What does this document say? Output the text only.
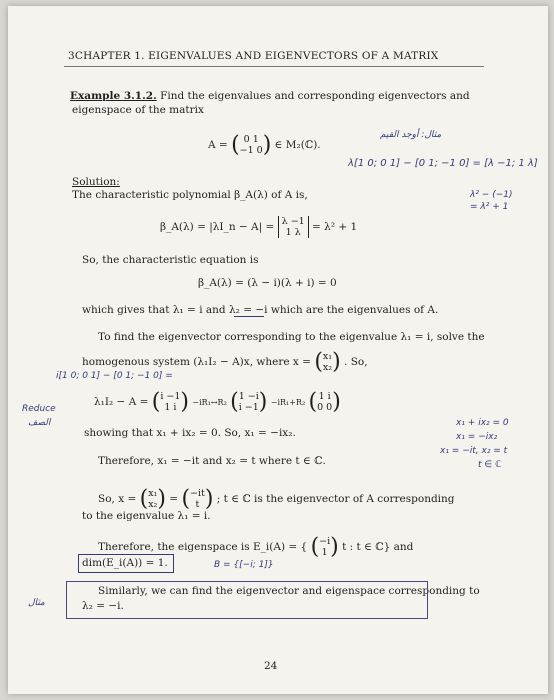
3CHAPTER 1. EIGENVALUES AND EIGENVECTORS OF A MATRIX
Example 3.1.2. Find the eigenvalues and corresponding eigenvectors and
eigenspace of the matrix
A = ( 0 1
−1 0) ∈ M₂(ℂ).
Solution:
The characteristic polynomial β_A(λ) of A is,
β_A(λ) = |λI_n − A| = λ −1
1 λ = λ² + 1
So, the characteristic equation is
β_A(λ) = (λ − i)(λ + i) = 0
which gives that λ₁ = i and λ₂ = −i which are the eigenvalues of A.
To find the eigenvector corresponding to the eigenvalue λ₁ = i, solve the
homogenous system (λ₁I₂ − A)x, where x = (x₁
x₂) . So,
λ₁I₂ − A = (i −1
1 i ) −iR₁↔R₂ (1 −i
i −1) −iR₁+R₂ ( 1 i
0 0)
showing that x₁ + ix₂ = 0. So, x₁ = −ix₂.
Therefore, x₁ = −it and x₂ = t where t ∈ ℂ.
So, x = (x₁
x₂) = (−it
t ) ; t ∈ ℂ is the eigenvector of A corresponding
to the eigenvalue λ₁ = i.
Therefore, the eigenspace is E_i(A) = { (−i
1 ) t : t ∈ ℂ} and
dim(E_i(A)) = 1.
Similarly, we can find the eigenvector and eigenspace corresponding to
λ₂ = −i.
24
مثال: أوجد القيم
λ[1 0; 0 1] − [0 1; −1 0] = [λ −1; 1 λ]
λ² − (−1)
= λ² + 1
x₁ + ix₂ = 0
x₁ = −ix₂
x₁ = −it, x₂ = t
t ∈ ℂ
i[1 0; 0 1] − [0 1; −1 0] =
Reduce
الصف
B = {[−i; 1]}
مثال
